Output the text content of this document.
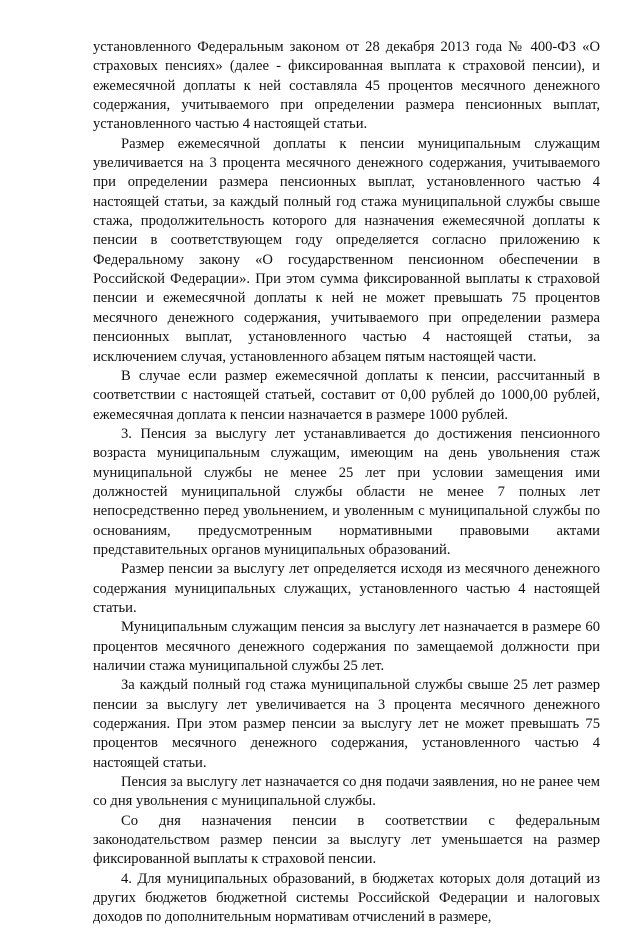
установленного Федеральным законом от 28 декабря 2013 года № 400-ФЗ «О страховых пенсиях» (далее - фиксированная выплата к страховой пенсии), и ежемесячной доплаты к ней составляла 45 процентов месячного денежного содержания, учитываемого при определении размера пенсионных выплат, установленного частью 4 настоящей статьи.

Размер ежемесячной доплаты к пенсии муниципальным служащим увеличивается на 3 процента месячного денежного содержания, учитываемого при определении размера пенсионных выплат, установленного частью 4 настоящей статьи, за каждый полный год стажа муниципальной службы свыше стажа, продолжительность которого для назначения ежемесячной доплаты к пенсии в соответствующем году определяется согласно приложению к Федеральному закону «О государственном пенсионном обеспечении в Российской Федерации». При этом сумма фиксированной выплаты к страховой пенсии и ежемесячной доплаты к ней не может превышать 75 процентов месячного денежного содержания, учитываемого при определении размера пенсионных выплат, установленного частью 4 настоящей статьи, за исключением случая, установленного абзацем пятым настоящей части.

В случае если размер ежемесячной доплаты к пенсии, рассчитанный в соответствии с настоящей статьей, составит от 0,00 рублей до 1000,00 рублей, ежемесячная доплата к пенсии назначается в размере 1000 рублей.

3. Пенсия за выслугу лет устанавливается до достижения пенсионного возраста муниципальным служащим, имеющим на день увольнения стаж муниципальной службы не менее 25 лет при условии замещения ими должностей муниципальной службы области не менее 7 полных лет непосредственно перед увольнением, и уволенным с муниципальной службы по основаниям, предусмотренным нормативными правовыми актами представительных органов муниципальных образований.

Размер пенсии за выслугу лет определяется исходя из месячного денежного содержания муниципальных служащих, установленного частью 4 настоящей статьи.

Муниципальным служащим пенсия за выслугу лет назначается в размере 60 процентов месячного денежного содержания по замещаемой должности при наличии стажа муниципальной службы 25 лет.

За каждый полный год стажа муниципальной службы свыше 25 лет размер пенсии за выслугу лет увеличивается на 3 процента месячного денежного содержания. При этом размер пенсии за выслугу лет не может превышать 75 процентов месячного денежного содержания, установленного частью 4 настоящей статьи.

Пенсия за выслугу лет назначается со дня подачи заявления, но не ранее чем со дня увольнения с муниципальной службы.

Со дня назначения пенсии в соответствии с федеральным законодательством размер пенсии за выслугу лет уменьшается на размер фиксированной выплаты к страховой пенсии.

4. Для муниципальных образований, в бюджетах которых доля дотаций из других бюджетов бюджетной системы Российской Федерации и налоговых доходов по дополнительным нормативам отчислений в размере,
